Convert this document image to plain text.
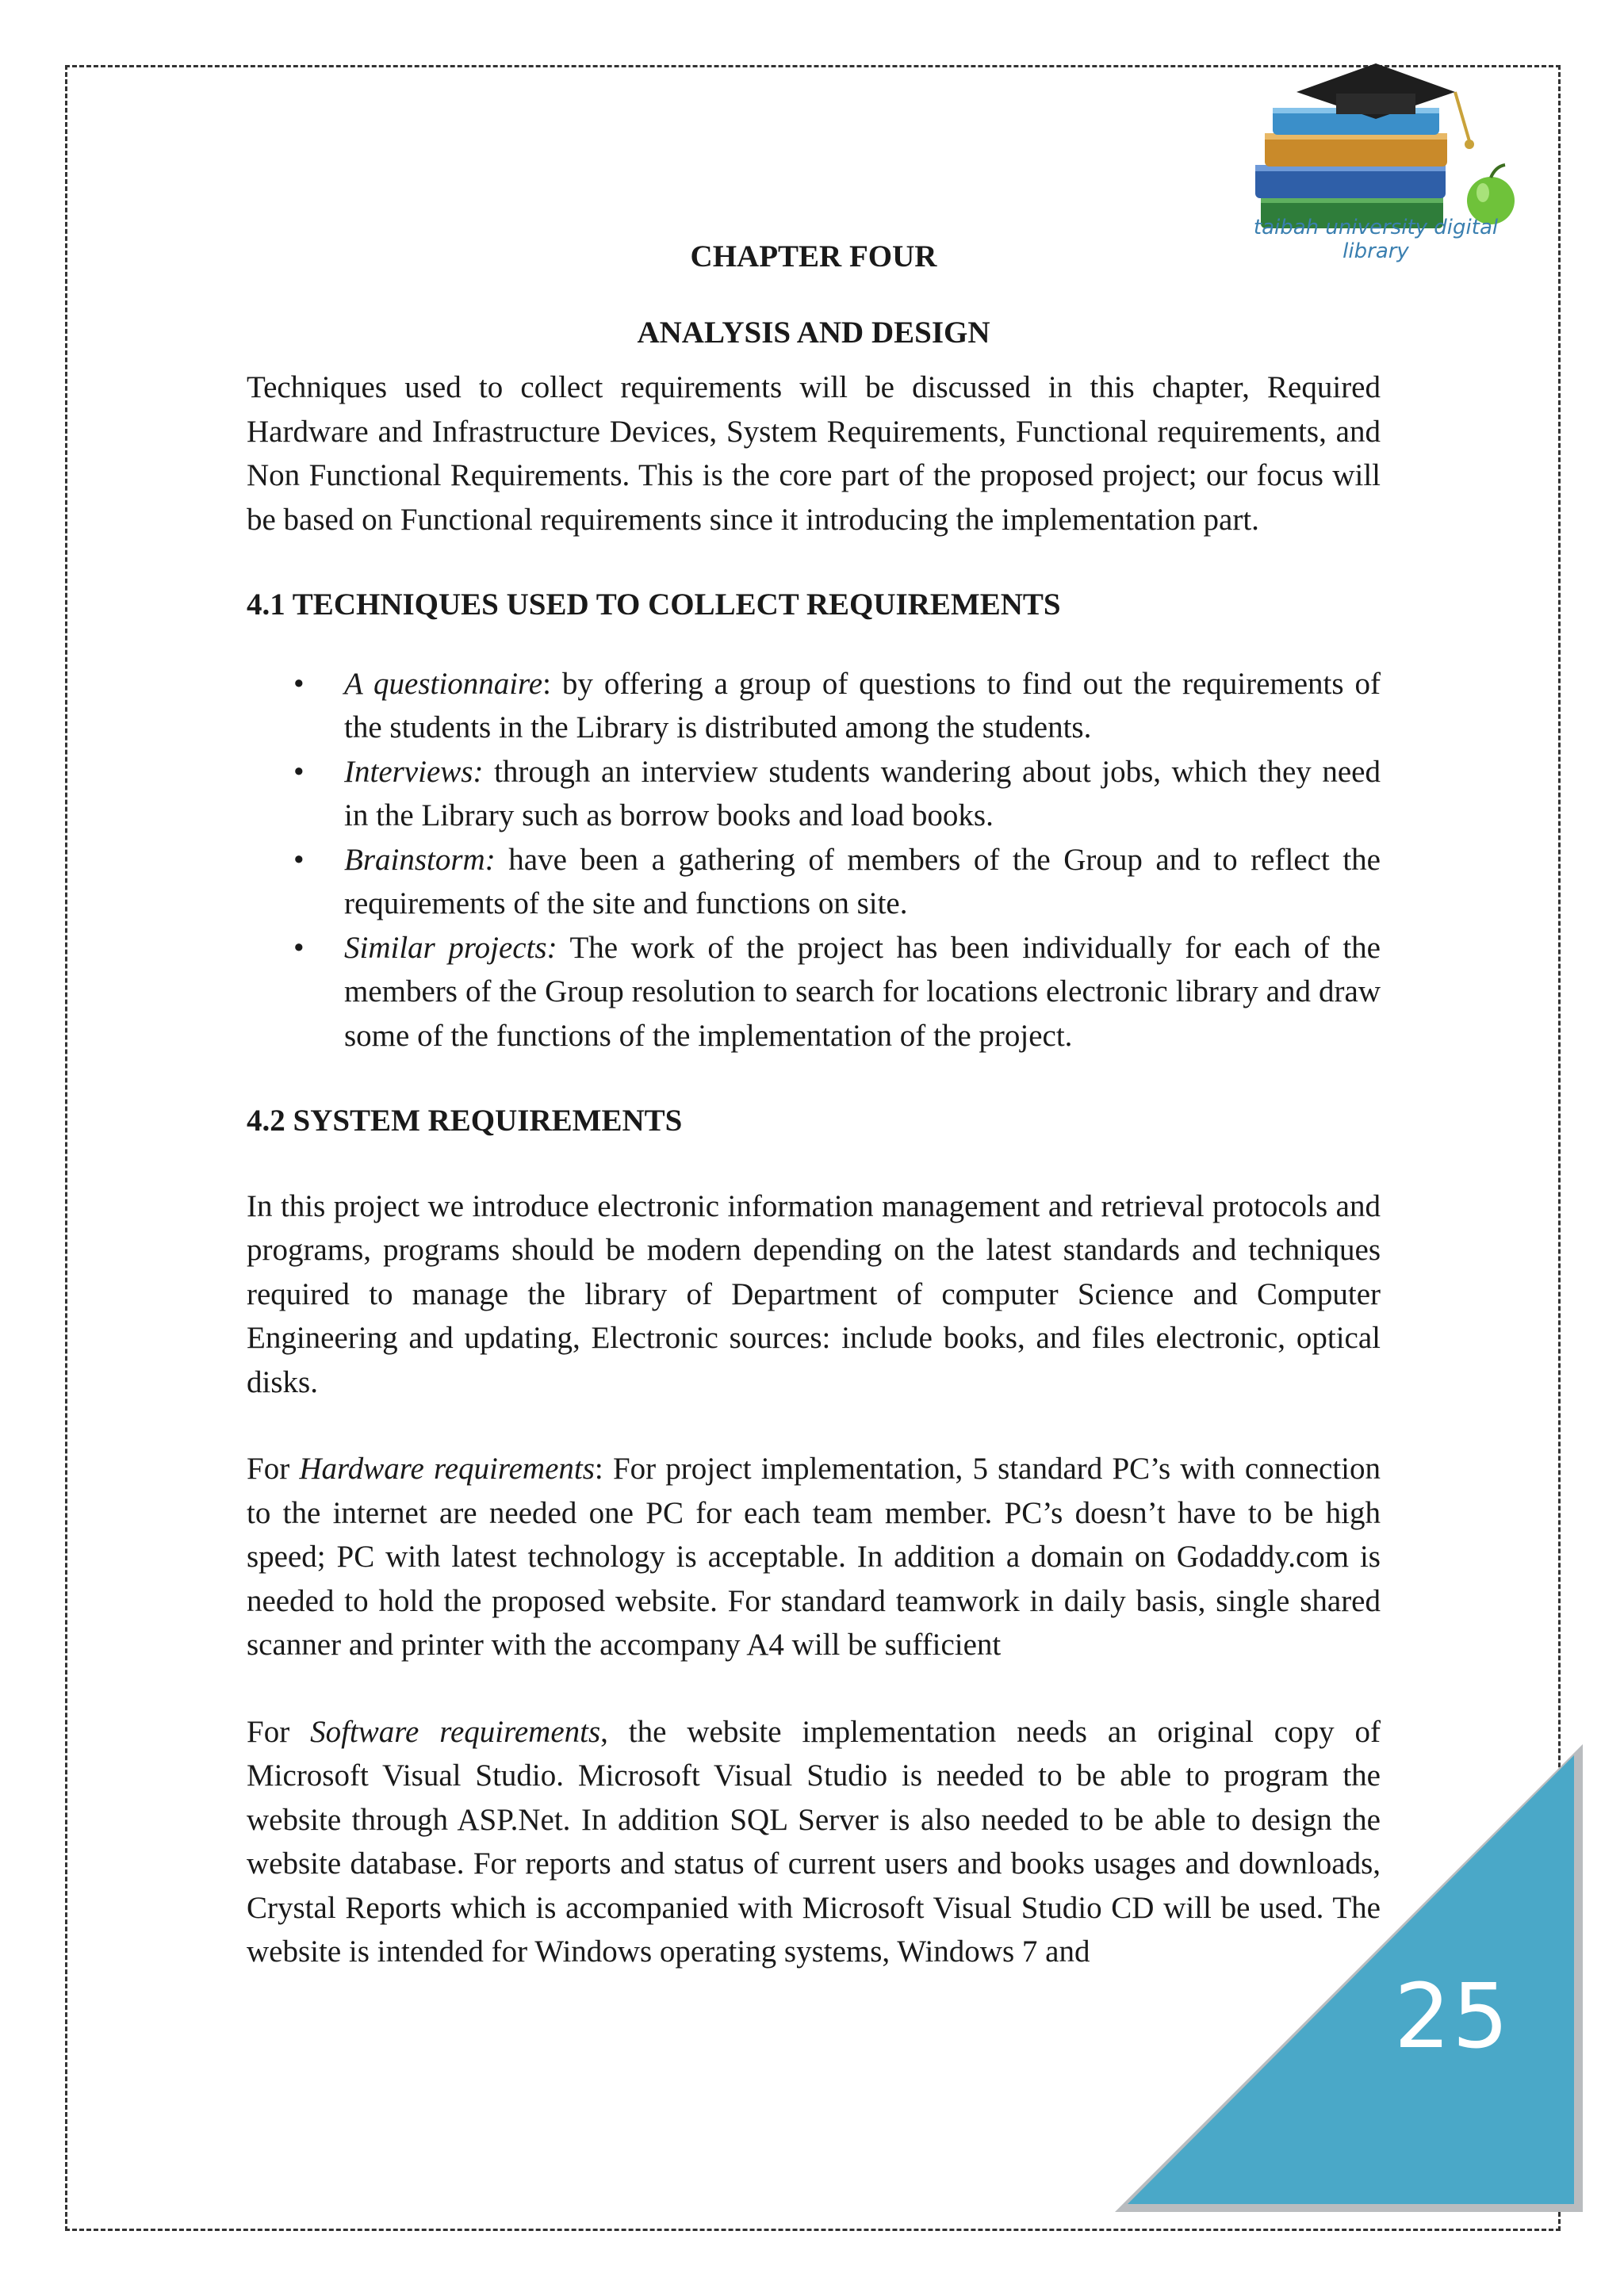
taibah university digital library

CHAPTER FOUR

ANALYSIS AND DESIGN

Techniques used to collect requirements will be discussed in this chapter, Required Hardware and Infrastructure Devices, System Requirements, Functional requirements, and Non Functional Requirements. This is the core part of the proposed project; our focus will be based on Functional requirements since it introducing the implementation part.

4.1 TECHNIQUES USED TO COLLECT REQUIREMENTS

• A questionnaire: by offering a group of questions to find out the requirements of the students in the Library is distributed among the students.
• Interviews: through an interview students wandering about jobs, which they need in the Library such as borrow books and load books.
• Brainstorm: have been a gathering of members of the Group and to reflect the requirements of the site and functions on site.
• Similar projects: The work of the project has been individually for each of the members of the Group resolution to search for locations electronic library and draw some of the functions of the implementation of the project.

4.2 SYSTEM REQUIREMENTS

In this project we introduce electronic information management and retrieval protocols and programs, programs should be modern depending on the latest standards and techniques required to manage the library of Department of computer Science and Computer Engineering and updating, Electronic sources: include books, and files electronic, optical disks.

For Hardware requirements: For project implementation, 5 standard PC’s with connection to the internet are needed one PC for each team member. PC’s doesn’t have to be high speed; PC with latest technology is acceptable. In addition a domain on Godaddy.com is needed to hold the proposed website. For standard teamwork in daily basis, single shared scanner and printer with the accompany A4 will be sufficient

For Software requirements, the website implementation needs an original copy of Microsoft Visual Studio. Microsoft Visual Studio is needed to be able to program the website through ASP.Net. In addition SQL Server is also needed to be able to design the website database. For reports and status of current users and books usages and downloads, Crystal Reports which is accompanied with Microsoft Visual Studio CD will be used. The website is intended for Windows operating systems, Windows 7 and

25
